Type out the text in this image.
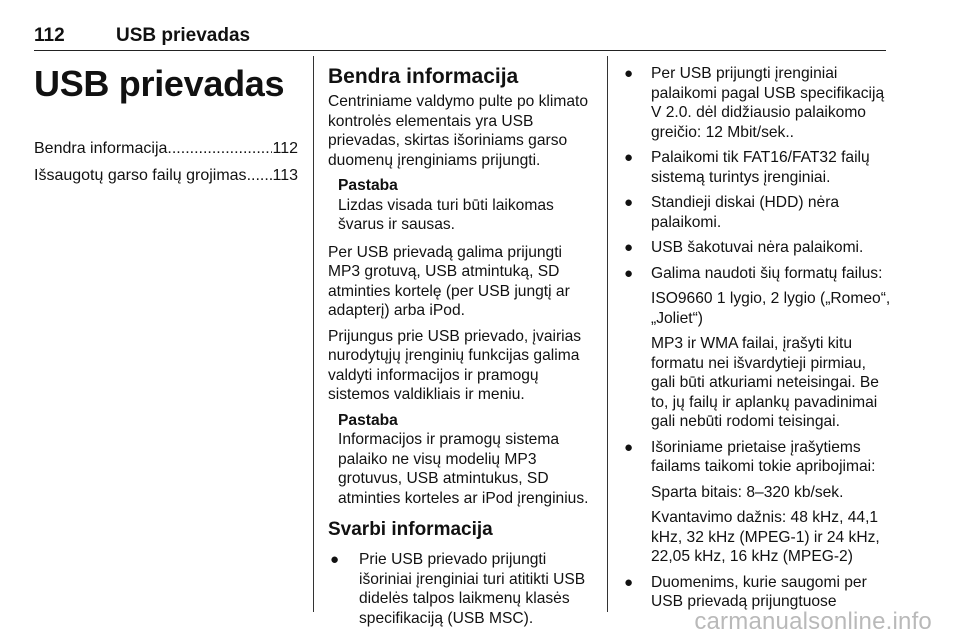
112	USB prievadas
USB prievadas
Bendra informacija .....	112
Išsaugotų garso failų grojimas ..... 113
Bendra informacija
Centriniame valdymo pulte po klimato kontrolės elementais yra USB prievadas, skirtas išoriniams garso duomenų įrenginiams prijungti.
Pastaba
Lizdas visada turi būti laikomas švarus ir sausas.
Per USB prievadą galima prijungti MP3 grotuvą, USB atmintuką, SD atminties kortelę (per USB jungtį ar adapterį) arba iPod.
Prijungus prie USB prievado, įvairias nurodytųjų įrenginių funkcijas galima valdyti informacijos ir pramogų sistemos valdikliais ir meniu.
Pastaba
Informacijos ir pramogų sistema palaiko ne visų modelių MP3 grotuvus, USB atmintukus, SD atminties korteles ar iPod įrenginius.
Svarbi informacija
● Prie USB prievado prijungti išoriniai įrenginiai turi atitikti USB didelės talpos laikmenų klasės specifikaciją (USB MSC).
● Per USB prijungti įrenginiai palaikomi pagal USB specifikaciją V 2.0. dėl didžiausio palaikomo greičio: 12 Mbit/sek..
● Palaikomi tik FAT16/FAT32 failų sistemą turintys įrenginiai.
● Standieji diskai (HDD) nėra palaikomi.
● USB šakotuvai nėra palaikomi.
● Galima naudoti šių formatų failus:
ISO9660 1 lygio, 2 lygio („Romeo“, „Joliet“)
MP3 ir WMA failai, įrašyti kitu formatu nei išvardytieji pirmiau, gali būti atkuriami neteisingai. Be to, jų failų ir aplankų pavadinimai gali nebūti rodomi teisingai.
● Išoriniame prietaise įrašytiems failams taikomi tokie apribojimai:
Sparta bitais: 8–320 kb/sek.
Kvantavimo dažnis: 48 kHz, 44,1 kHz, 32 kHz (MPEG-1) ir 24 kHz, 22,05 kHz, 16 kHz (MPEG-2)
● Duomenims, kurie saugomi per USB prievadą prijungtuose
carmanualsonline.info
